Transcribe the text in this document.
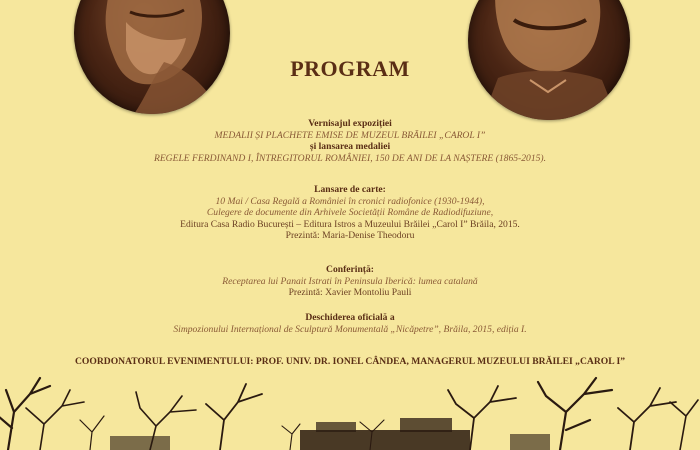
PROGRAM
Vernisajul expoziției
MEDALII ȘI PLACHETE EMISE DE MUZEUL BRĂILEI „CAROL I”
și lansarea medaliei
REGELE FERDINAND I, ÎNTREGITORUL ROMÂNIEI, 150 DE ANI DE LA NAȘTERE (1865-2015).
Lansare de carte:
10 Mai / Casa Regală a României în cronici radiofonice (1930-1944),
Culegere de documente din Arhivele Societății Române de Radiodifuziune,
Editura Casa Radio București – Editura Istros a Muzeului Brăilei „Carol I” Brăila, 2015.
Prezintă: Maria-Denise Theodoru
Conferință:
Receptarea lui Panait Istrati în Peninsula Iberică: lumea catalană
Prezintă: Xavier Montoliu Pauli
Deschiderea oficială a
Simpozionului Internațional de Sculptură Monumentală „Nicăpetre”, Brăila, 2015, ediția I.
COORDONATORUL EVENIMENTULUI: PROF. UNIV. DR. IONEL CÂNDEA, MANAGERUL MUZEULUI BRĂILEI „CAROL I”
